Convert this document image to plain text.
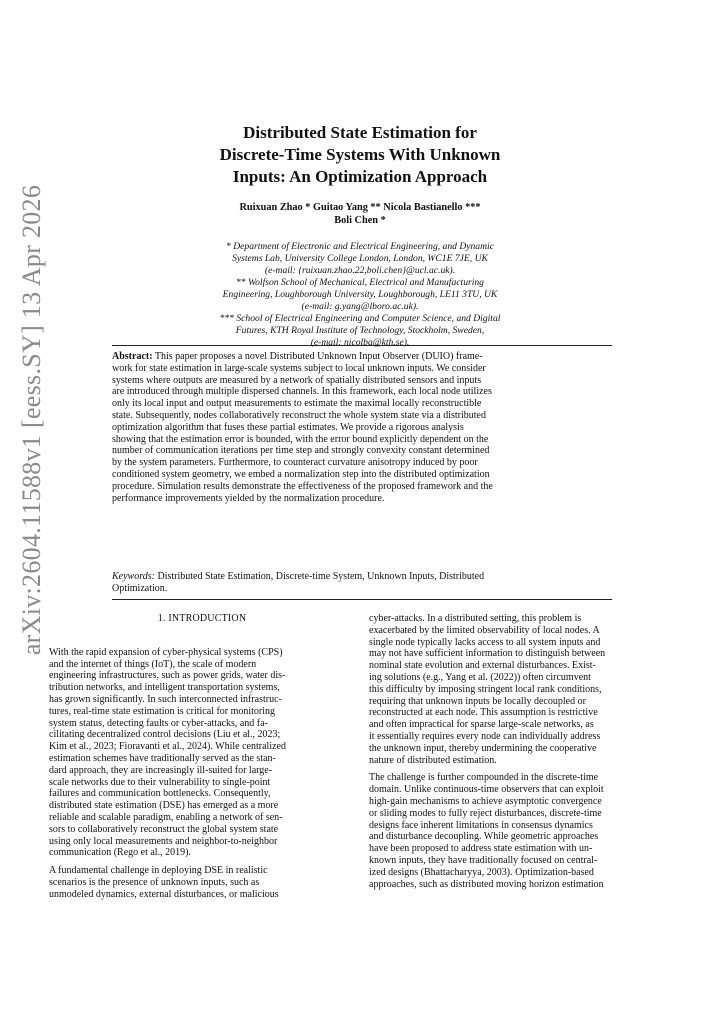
arXiv:2604.11588v1 [eess.SY] 13 Apr 2026
Distributed State Estimation for
Discrete-Time Systems With Unknown
Inputs: An Optimization Approach
Ruixuan Zhao * Guitao Yang ** Nicola Bastianello ***
Boli Chen *
* Department of Electronic and Electrical Engineering, and Dynamic
Systems Lab, University College London, London, WC1E 7JE, UK
(e-mail: {ruixuan.zhao.22,boli.chen}@ucl.ac.uk).
** Wolfson School of Mechanical, Electrical and Manufacturing
Engineering, Loughborough University, Loughborough, LE11 3TU, UK
(e-mail: g.yang@lboro.ac.uk).
*** School of Electrical Engineering and Computer Science, and Digital
Futures, KTH Royal Institute of Technology, Stockholm, Sweden,
(e-mail: nicolba@kth.se).
Abstract: This paper proposes a novel Distributed Unknown Input Observer (DUIO) frame-
work for state estimation in large-scale systems subject to local unknown inputs. We consider
systems where outputs are measured by a network of spatially distributed sensors and inputs
are introduced through multiple dispersed channels. In this framework, each local node utilizes
only its local input and output measurements to estimate the maximal locally reconstructible
state. Subsequently, nodes collaboratively reconstruct the whole system state via a distributed
optimization algorithm that fuses these partial estimates. We provide a rigorous analysis
showing that the estimation error is bounded, with the error bound explicitly dependent on the
number of communication iterations per time step and strongly convexity constant determined
by the system parameters. Furthermore, to counteract curvature anisotropy induced by poor
conditioned system geometry, we embed a normalization step into the distributed optimization
procedure. Simulation results demonstrate the effectiveness of the proposed framework and the
performance improvements yielded by the normalization procedure.
Keywords: Distributed State Estimation, Discrete-time System, Unknown Inputs, Distributed
Optimization.
1. INTRODUCTION

With the rapid expansion of cyber-physical systems (CPS)
and the internet of things (IoT), the scale of modern
engineering infrastructures, such as power grids, water dis-
tribution networks, and intelligent transportation systems,
has grown significantly. In such interconnected infrastruc-
tures, real-time state estimation is critical for monitoring
system status, detecting faults or cyber-attacks, and fa-
cilitating decentralized control decisions (Liu et al., 2023;
Kim et al., 2023; Fioravanti et al., 2024). While centralized
estimation schemes have traditionally served as the stan-
dard approach, they are increasingly ill-suited for large-
scale networks due to their vulnerability to single-point
failures and communication bottlenecks. Consequently,
distributed state estimation (DSE) has emerged as a more
reliable and scalable paradigm, enabling a network of sen-
sors to collaboratively reconstruct the global system state
using only local measurements and neighbor-to-neighbor
communication (Rego et al., 2019).

A fundamental challenge in deploying DSE in realistic
scenarios is the presence of unknown inputs, such as
unmodeled dynamics, external disturbances, or malicious

cyber-attacks. In a distributed setting, this problem is
exacerbated by the limited observability of local nodes. A
single node typically lacks access to all system inputs and
may not have sufficient information to distinguish between
nominal state evolution and external disturbances. Exist-
ing solutions (e.g., Yang et al. (2022)) often circumvent
this difficulty by imposing stringent local rank conditions,
requiring that unknown inputs be locally decoupled or
reconstructed at each node. This assumption is restrictive
and often impractical for sparse large-scale networks, as
it essentially requires every node can individually address
the unknown input, thereby undermining the cooperative
nature of distributed estimation.

The challenge is further compounded in the discrete-time
domain. Unlike continuous-time observers that can exploit
high-gain mechanisms to achieve asymptotic convergence
or sliding modes to fully reject disturbances, discrete-time
designs face inherent limitations in consensus dynamics
and disturbance decoupling. While geometric approaches
have been proposed to address state estimation with un-
known inputs, they have traditionally focused on central-
ized designs (Bhattacharyya, 2003). Optimization-based
approaches, such as distributed moving horizon estimation
